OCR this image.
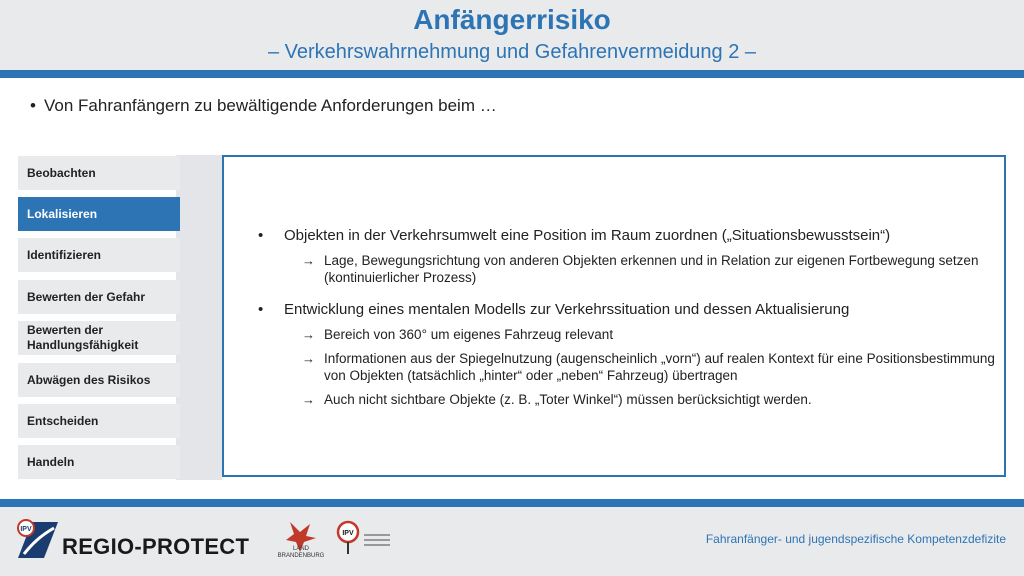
Anfängerrisiko
– Verkehrswahrnehmung und Gefahrenvermeidung 2 –
• Von Fahranfängern zu bewältigende Anforderungen beim …
Beobachten
Lokalisieren
Identifizieren
Bewerten der Gefahr
Bewerten der Handlungsfähigkeit
Abwägen des Risikos
Entscheiden
Handeln
• Objekten in der Verkehrsumwelt eine Position im Raum zuordnen („Situationsbewusstsein“)
→ Lage, Bewegungsrichtung von anderen Objekten erkennen und in Relation zur eigenen Fortbewegung setzen (kontinuierlicher Prozess)
• Entwicklung eines mentalen Modells zur Verkehrssituation und dessen Aktualisierung
→ Bereich von 360° um eigenes Fahrzeug relevant
→ Informationen aus der Spiegelnutzung (augenscheinlich „vorn“) auf realen Kontext für eine Positionsbestimmung von Objekten (tatsächlich „hinter“ oder „neben“ Fahrzeug) übertragen
→ Auch nicht sichtbare Objekte (z. B. „Toter Winkel“) müssen berücksichtigt werden.
IPV
REGIO-PROTECT	LAND BRANDENBURG
IPV	Fahranfänger- und jugendspezifische Kompetenzdefizite
